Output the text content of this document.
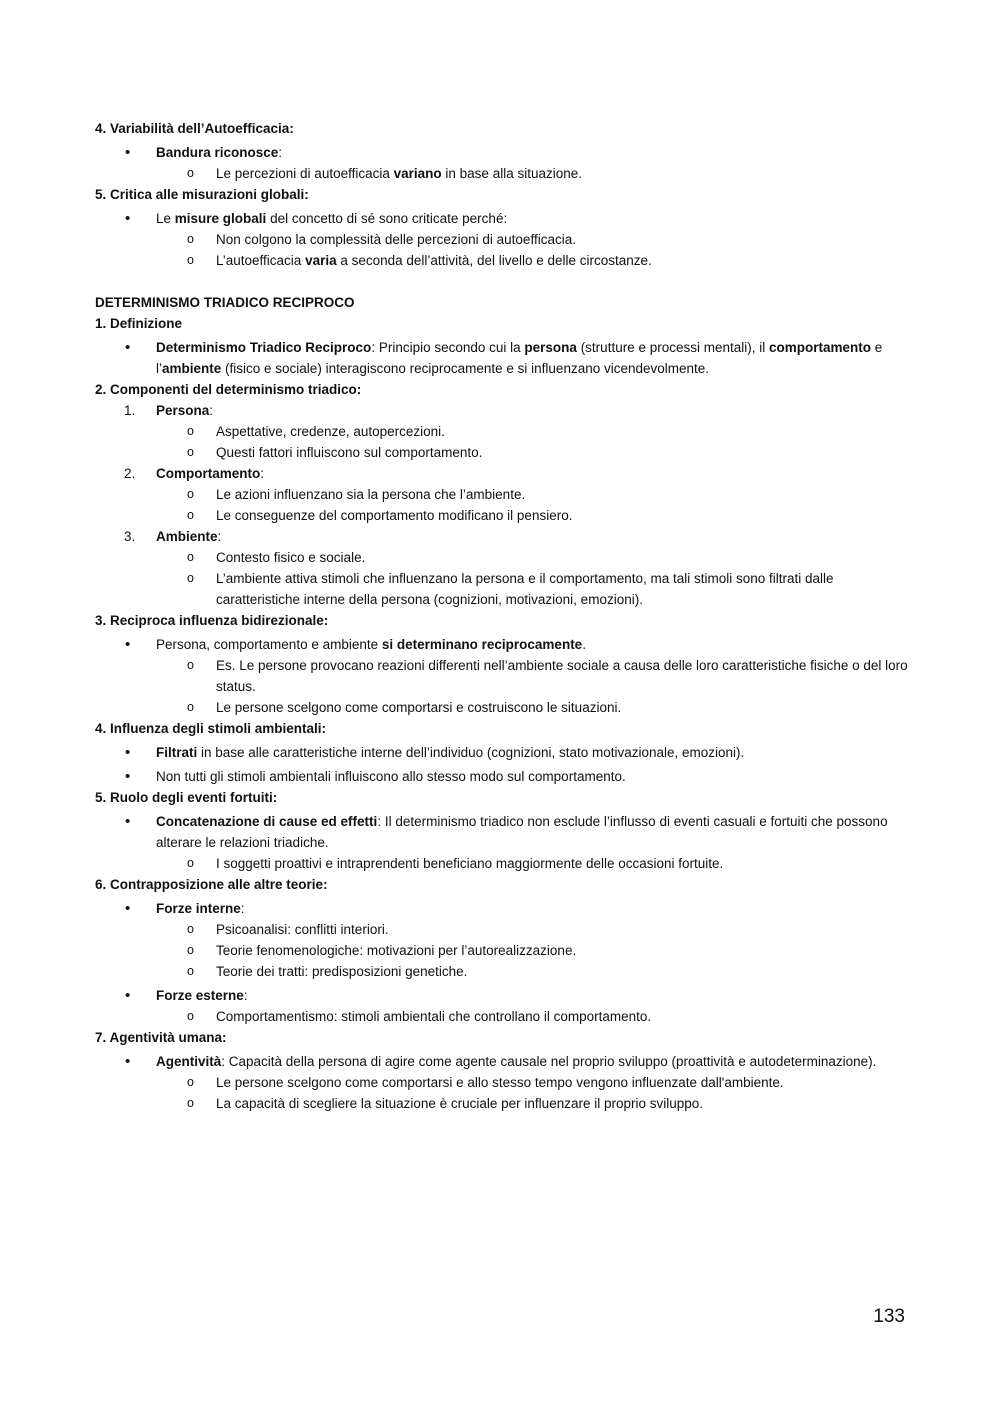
4. Variabilità dell’Autoefficacia:
• Bandura riconosce:
o Le percezioni di autoefficacia variano in base alla situazione.
5. Critica alle misurazioni globali:
• Le misure globali del concetto di sé sono criticate perché:
o Non colgono la complessità delle percezioni di autoefficacia.
o L’autoefficacia varia a seconda dell’attività, del livello e delle circostanze.
DETERMINISMO TRIADICO RECIPROCO
1. Definizione
• Determinismo Triadico Reciproco: Principio secondo cui la persona (strutture e processi mentali), il comportamento e l’ambiente (fisico e sociale) interagiscono reciprocamente e si influenzano vicendevolmente.
2. Componenti del determinismo triadico:
1. Persona:
o Aspettative, credenze, autopercezioni.
o Questi fattori influiscono sul comportamento.
2. Comportamento:
o Le azioni influenzano sia la persona che l’ambiente.
o Le conseguenze del comportamento modificano il pensiero.
3. Ambiente:
o Contesto fisico e sociale.
o L’ambiente attiva stimoli che influenzano la persona e il comportamento, ma tali stimoli sono filtrati dalle caratteristiche interne della persona (cognizioni, motivazioni, emozioni).
3. Reciproca influenza bidirezionale:
• Persona, comportamento e ambiente si determinano reciprocamente.
o Es. Le persone provocano reazioni differenti nell’ambiente sociale a causa delle loro caratteristiche fisiche o del loro status.
o Le persone scelgono come comportarsi e costruiscono le situazioni.
4. Influenza degli stimoli ambientali:
• Filtrati in base alle caratteristiche interne dell’individuo (cognizioni, stato motivazionale, emozioni).
• Non tutti gli stimoli ambientali influiscono allo stesso modo sul comportamento.
5. Ruolo degli eventi fortuiti:
• Concatenazione di cause ed effetti: Il determinismo triadico non esclude l’influsso di eventi casuali e fortuiti che possono alterare le relazioni triadiche.
o I soggetti proattivi e intraprendenti beneficiano maggiormente delle occasioni fortuite.
6. Contrapposizione alle altre teorie:
• Forze interne:
o Psicoanalisi: conflitti interiori.
o Teorie fenomenologiche: motivazioni per l’autorealizzazione.
o Teorie dei tratti: predisposizioni genetiche.
• Forze esterne:
o Comportamentismo: stimoli ambientali che controllano il comportamento.
7. Agentività umana:
• Agentività: Capacità della persona di agire come agente causale nel proprio sviluppo (proattività e autodeterminazione).
o Le persone scelgono come comportarsi e allo stesso tempo vengono influenzate dall'ambiente.
o La capacità di scegliere la situazione è cruciale per influenzare il proprio sviluppo.
133
